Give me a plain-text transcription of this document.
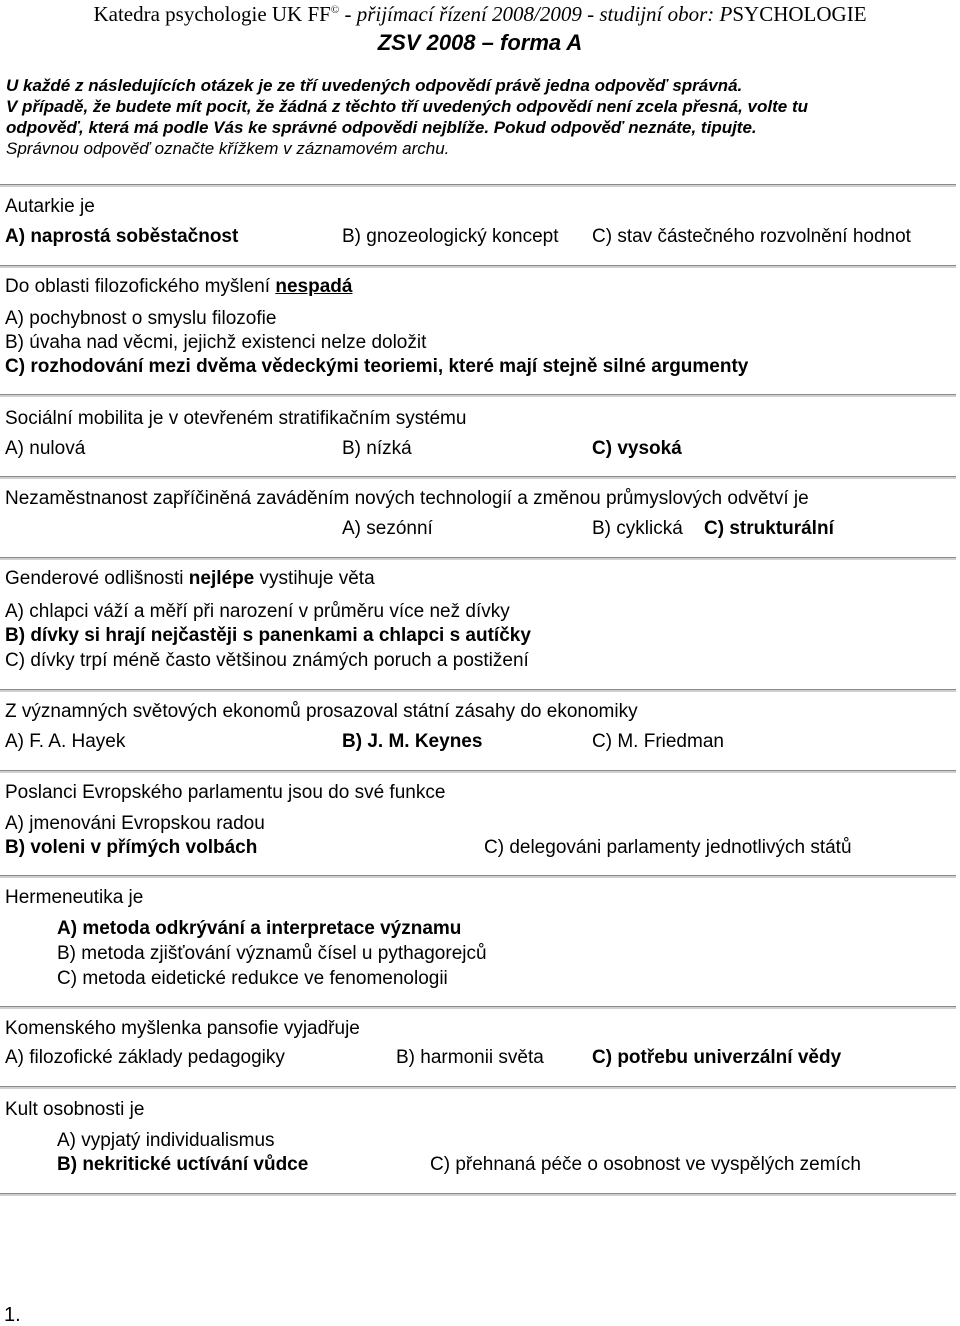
Katedra psychologie UK FF© - přijímací řízení 2008/2009 - studijní obor: PSYCHOLOGIE
ZSV 2008 – forma A
U každé z následujících otázek je ze tří uvedených odpovědí právě jedna odpověď správná.
V případě, že budete mít pocit, že žádná z těchto tří uvedených odpovědí není zcela přesná, volte tu
odpověď, která má podle Vás ke správné odpovědi nejblíže. Pokud odpověď neznáte, tipujte.
Správnou odpověď označte křížkem v záznamovém archu.
Autarkie je
A) naprostá soběstačnost	B) gnozeologický koncept C) stav částečného rozvolnění hodnot
Do oblasti filozofického myšlení nespadá
A) pochybnost o smyslu filozofie
B) úvaha nad věcmi, jejichž existenci nelze doložit
C) rozhodování mezi dvěma vědeckými teoriemi, které mají stejně silné argumenty
Sociální mobilita je v otevřeném stratifikačním systému
A) nulová	B) nízká	C) vysoká
Nezaměstnanost zapříčiněná zaváděním nových technologií a změnou průmyslových odvětví je
A) sezónní	B) cyklická C) strukturální
Genderové odlišnosti nejlépe vystihuje věta
A) chlapci váží a měří při narození v průměru více než dívky
B) dívky si hrají nejčastěji s panenkami a chlapci s autíčky
C) dívky trpí méně často většinou známých poruch a postižení
Z významných světových ekonomů prosazoval státní zásahy do ekonomiky
A) F. A. Hayek	B) J. M. Keynes	C) M. Friedman
Poslanci Evropského parlamentu jsou do své funkce
A) jmenováni Evropskou radou
B) voleni v přímých volbách	C) delegováni parlamenty jednotlivých států
Hermeneutika je
A) metoda odkrývání a interpretace významu
B) metoda zjišťování významů čísel u pythagorejců
C) metoda eidetické redukce ve fenomenologii
Komenského myšlenka pansofie vyjadřuje
A) filozofické základy pedagogiky	B) harmonii světa	C) potřebu univerzální vědy
Kult osobnosti je
A) vypjatý individualismus
B) nekritické uctívání vůdce	C) přehnaná péče o osobnost ve vyspělých zemích
1.
